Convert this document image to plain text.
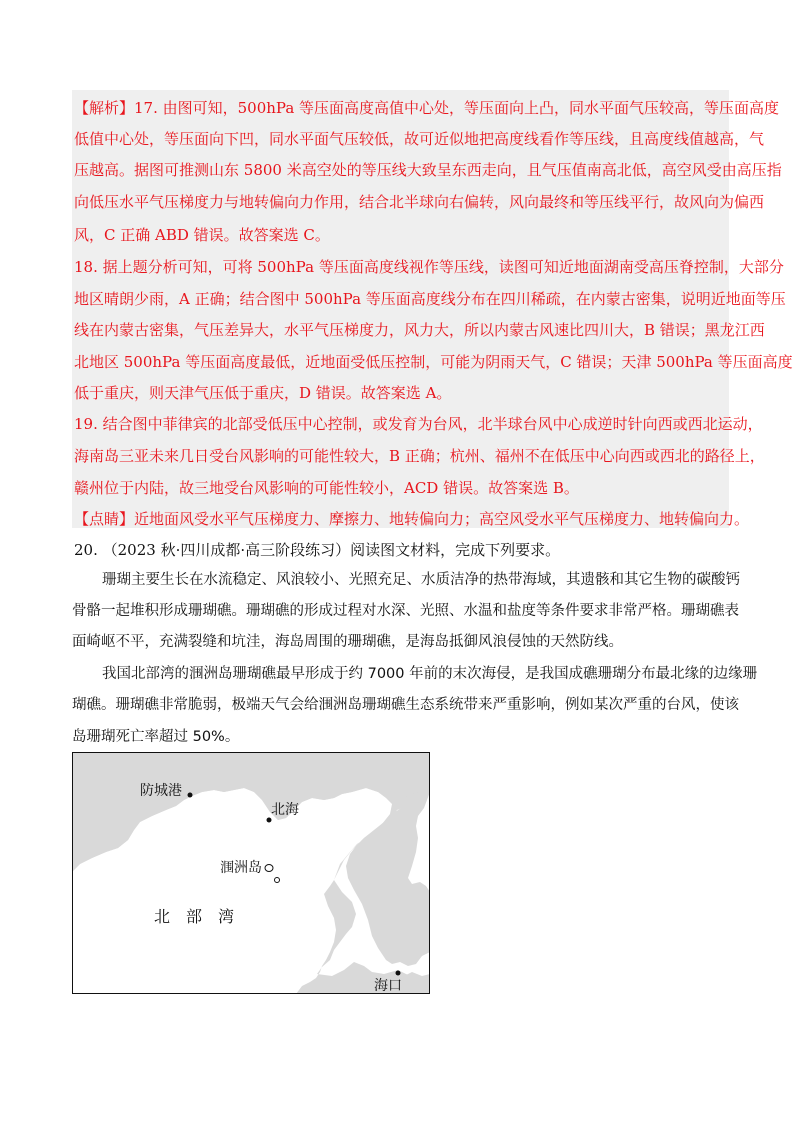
【解析】17. 由图可知，500hPa 等压面高度高值中心处，等压面向上凸，同水平面气压较高，等压面高度
低值中心处，等压面向下凹，同水平面气压较低，故可近似地把高度线看作等压线，且高度线值越高，气
压越高。据图可推测山东 5800 米高空处的等压线大致呈东西走向，且气压值南高北低，高空风受由高压指
向低压水平气压梯度力与地转偏向力作用，结合北半球向右偏转，风向最终和等压线平行，故风向为偏西
风，C 正确 ABD 错误。故答案选 C。
18. 据上题分析可知，可将 500hPa 等压面高度线视作等压线，读图可知近地面湖南受高压脊控制，大部分
地区晴朗少雨，A 正确；结合图中 500hPa 等压面高度线分布在四川稀疏，在内蒙古密集，说明近地面等压
线在内蒙古密集，气压差异大，水平气压梯度力，风力大，所以内蒙古风速比四川大，B 错误；黑龙江西
北地区 500hPa 等压面高度最低，近地面受低压控制，可能为阴雨天气，C 错误；天津 500hPa 等压面高度
低于重庆，则天津气压低于重庆，D 错误。故答案选 A。
19. 结合图中菲律宾的北部受低压中心控制，或发育为台风，北半球台风中心成逆时针向西或西北运动，
海南岛三亚未来几日受台风影响的可能性较大，B 正确；杭州、福州不在低压中心向西或西北的路径上，
赣州位于内陆，故三地受台风影响的可能性较小，ACD 错误。故答案选 B。
【点睛】近地面风受水平气压梯度力、摩擦力、地转偏向力；高空风受水平气压梯度力、地转偏向力。
20. （2023 秋·四川成都·高三阶段练习）阅读图文材料，完成下列要求。
珊瑚主要生长在水流稳定、风浪较小、光照充足、水质洁净的热带海域，其遗骸和其它生物的碳酸钙
骨骼一起堆积形成珊瑚礁。珊瑚礁的形成过程对水深、光照、水温和盐度等条件要求非常严格。珊瑚礁表
面崎岖不平，充满裂缝和坑洼，海岛周围的珊瑚礁，是海岛抵御风浪侵蚀的天然防线。
我国北部湾的涠洲岛珊瑚礁最早形成于约 7000 年前的末次海侵，是我国成礁珊瑚分布最北缘的边缘珊
瑚礁。珊瑚礁非常脆弱，极端天气会给涠洲岛珊瑚礁生态系统带来严重影响，例如某次严重的台风，使该
岛珊瑚死亡率超过 50%。
防城港
北海
涠洲岛
北　部　湾
海口
